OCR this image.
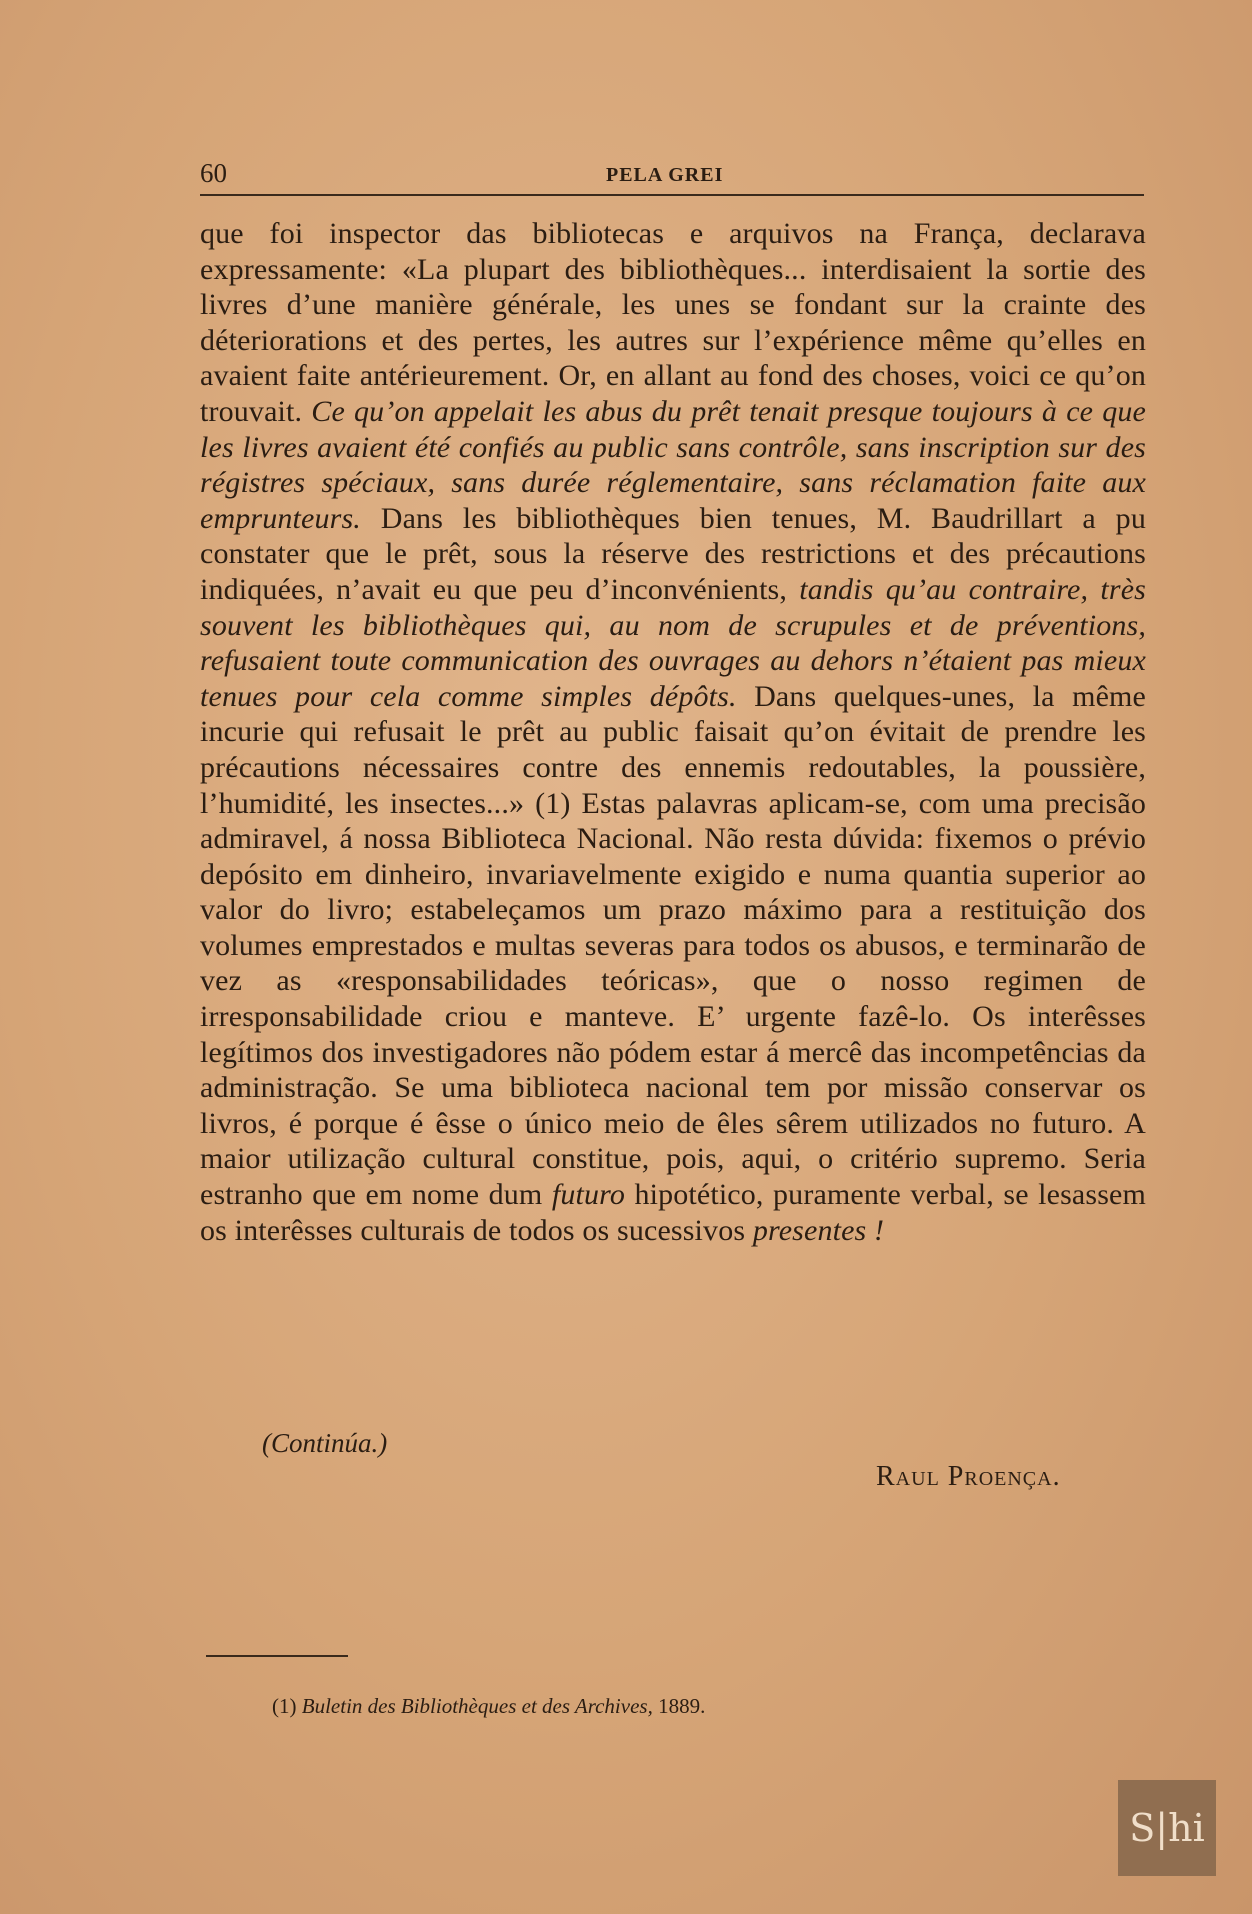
60	PELA GREI

que foi inspector das bibliotecas e arquivos na França, declarava expressamente: «La plupart des bibliothèques... interdisaient la sortie des livres d’une manière générale, les unes se fondant sur la crainte des déteriorations et des pertes, les autres sur l’expérience même qu’elles en avaient faite antérieurement. Or, en allant au fond des choses, voici ce qu’on trouvait. Ce qu’on appelait les abus du prêt tenait presque toujours à ce que les livres avaient été confiés au public sans contrôle, sans inscription sur des régistres spéciaux, sans durée réglementaire, sans réclamation faite aux emprunteurs. Dans les bibliothèques bien tenues, M. Baudrillart a pu constater que le prêt, sous la réserve des restrictions et des précautions indiquées, n’avait eu que peu d’inconvénients, tandis qu’au contraire, très souvent les bibliothèques qui, au nom de scrupules et de préventions, refusaient toute communication des ouvrages au dehors n’étaient pas mieux tenues pour cela comme simples dépôts. Dans quelques-unes, la même incurie qui refusait le prêt au public faisait qu’on évitait de prendre les précautions nécessaires contre des ennemis redoutables, la poussière, l’humidité, les insectes...» (1) Estas palavras aplicam-se, com uma precisão admiravel, á nossa Biblioteca Nacional. Não resta dúvida: fixemos o prévio depósito em dinheiro, invariavelmente exigido e numa quantia superior ao valor do livro; estabeleçamos um prazo máximo para a restituição dos volumes emprestados e multas severas para todos os abusos, e terminarão de vez as «responsabilidades teóricas», que o nosso regimen de irresponsabilidade criou e manteve. E’ urgente fazê-lo. Os interêsses legítimos dos investigadores não pódem estar á mercê das incompetências da administração. Se uma biblioteca nacional tem por missão conservar os livros, é porque é êsse o único meio de êles sêrem utilizados no futuro. A maior utilização cultural constitue, pois, aqui, o critério supremo. Seria estranho que em nome dum futuro hipotético, puramente verbal, se lesassem os interêsses culturais de todos os sucessivos presentes !

(Continúa.)
Raul Proença.
(1) Buletin des Bibliothèques et des Archives, 1889.
S|hi
